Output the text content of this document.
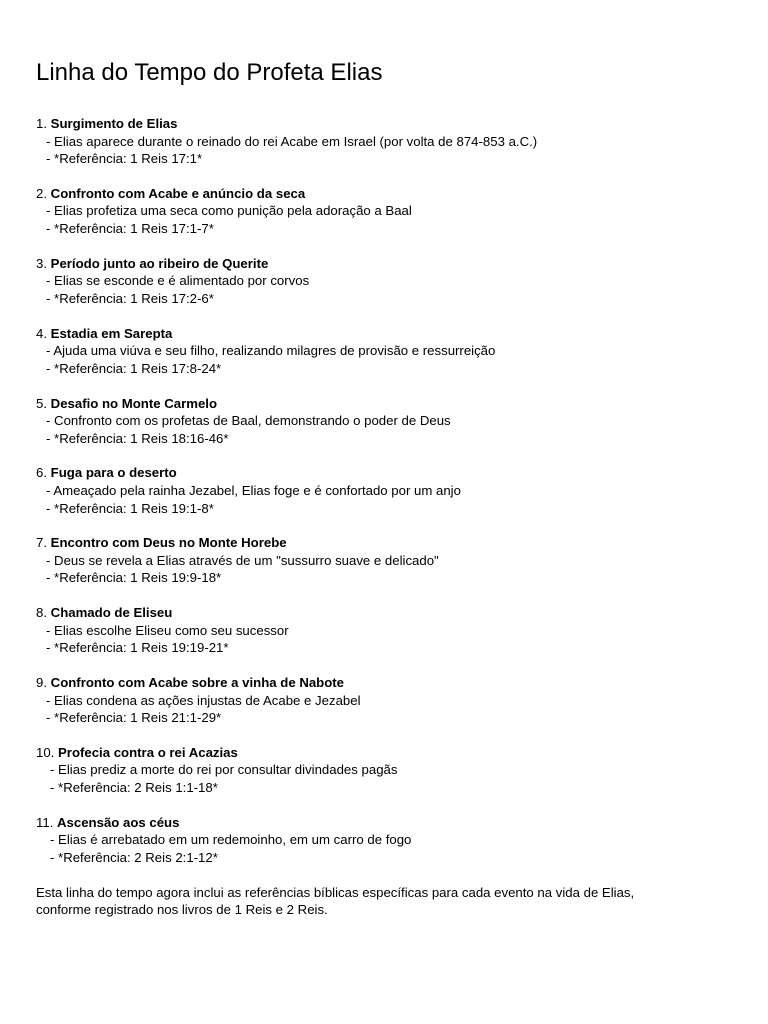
Linha do Tempo do Profeta Elias
1. Surgimento de Elias
- Elias aparece durante o reinado do rei Acabe em Israel (por volta de 874-853 a.C.)
- *Referência: 1 Reis 17:1*
2. Confronto com Acabe e anúncio da seca
- Elias profetiza uma seca como punição pela adoração a Baal
- *Referência: 1 Reis 17:1-7*
3. Período junto ao ribeiro de Querite
- Elias se esconde e é alimentado por corvos
- *Referência: 1 Reis 17:2-6*
4. Estadia em Sarepta
- Ajuda uma viúva e seu filho, realizando milagres de provisão e ressurreição
- *Referência: 1 Reis 17:8-24*
5. Desafio no Monte Carmelo
- Confronto com os profetas de Baal, demonstrando o poder de Deus
- *Referência: 1 Reis 18:16-46*
6. Fuga para o deserto
- Ameaçado pela rainha Jezabel, Elias foge e é confortado por um anjo
- *Referência: 1 Reis 19:1-8*
7. Encontro com Deus no Monte Horebe
- Deus se revela a Elias através de um "sussurro suave e delicado"
- *Referência: 1 Reis 19:9-18*
8. Chamado de Eliseu
- Elias escolhe Eliseu como seu sucessor
- *Referência: 1 Reis 19:19-21*
9. Confronto com Acabe sobre a vinha de Nabote
- Elias condena as ações injustas de Acabe e Jezabel
- *Referência: 1 Reis 21:1-29*
10. Profecia contra o rei Acazias
- Elias prediz a morte do rei por consultar divindades pagãs
- *Referência: 2 Reis 1:1-18*
11. Ascensão aos céus
- Elias é arrebatado em um redemoinho, em um carro de fogo
- *Referência: 2 Reis 2:1-12*
Esta linha do tempo agora inclui as referências bíblicas específicas para cada evento na vida de Elias,
conforme registrado nos livros de 1 Reis e 2 Reis.
